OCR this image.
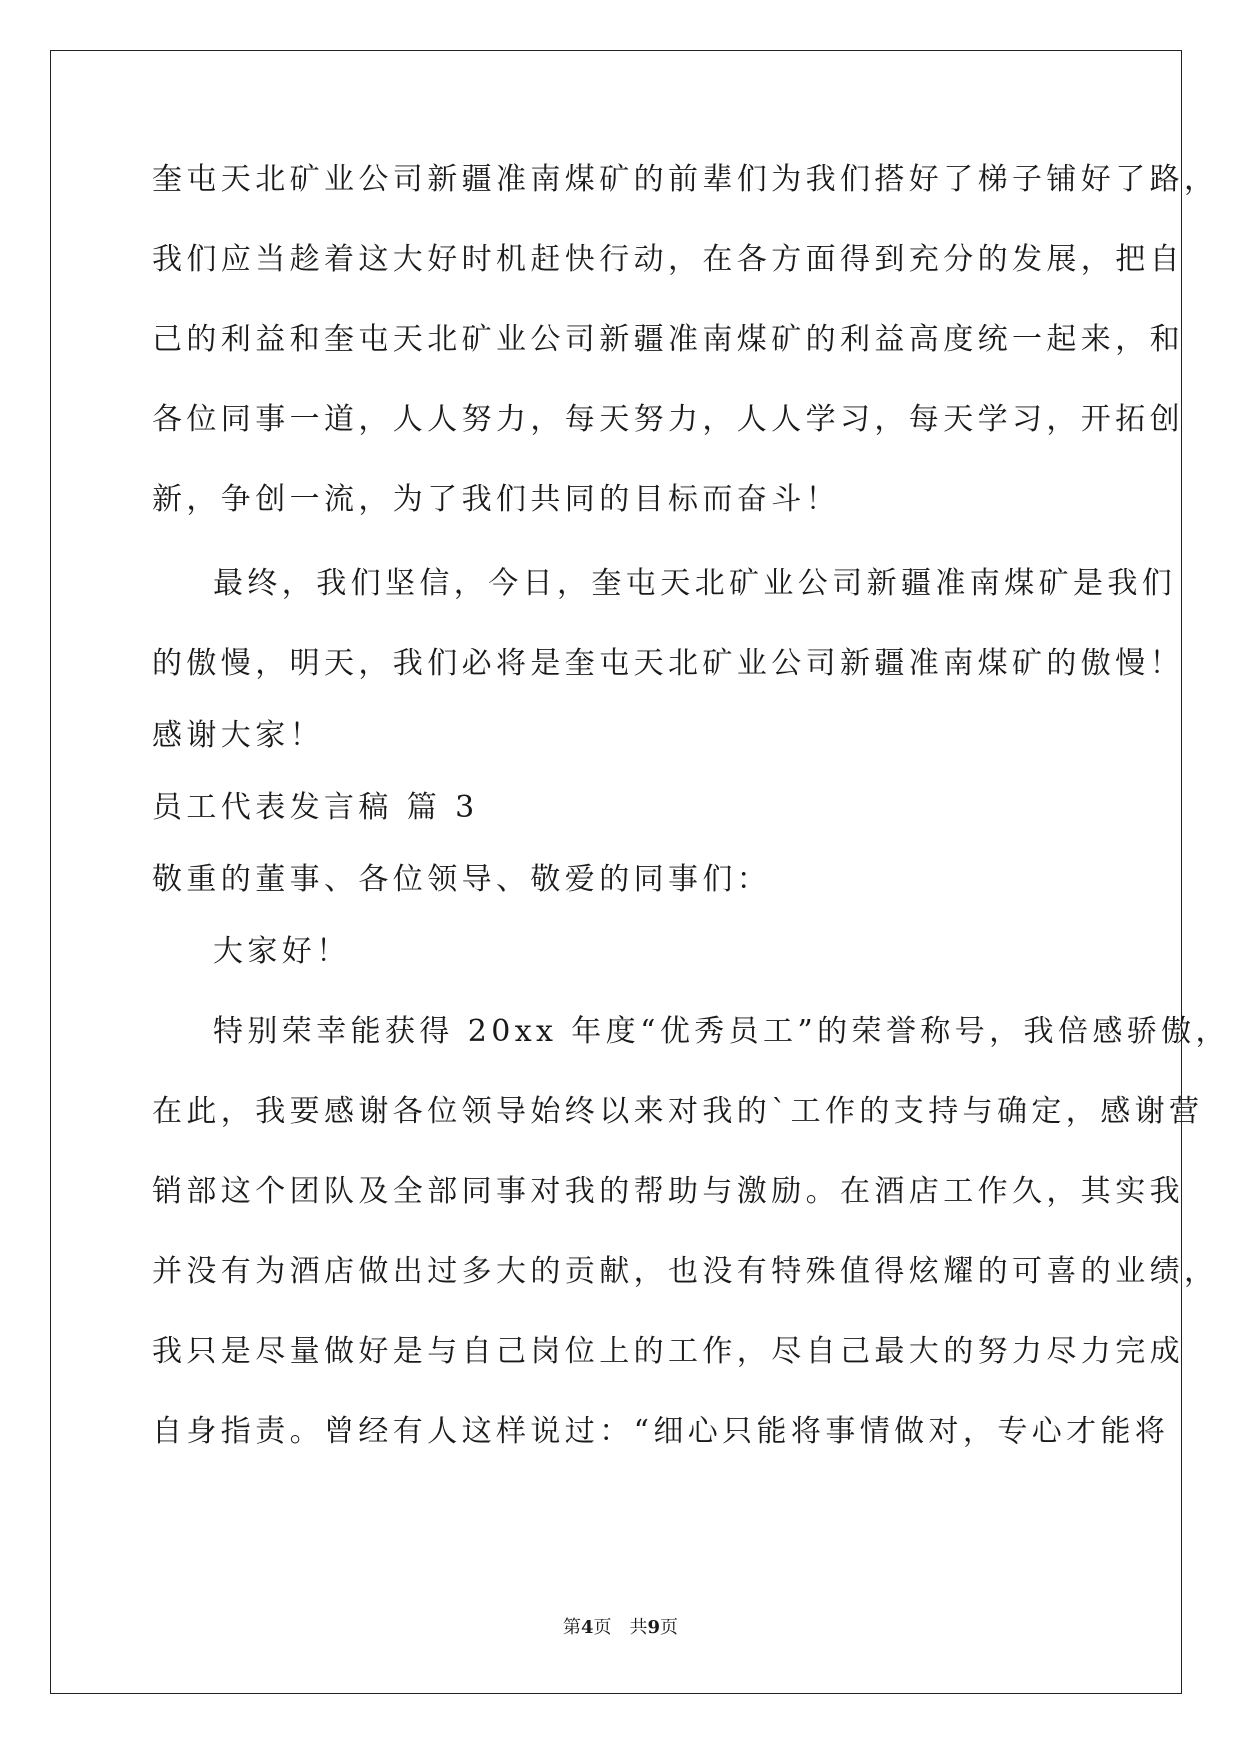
奎屯天北矿业公司新疆准南煤矿的前辈们为我们搭好了梯子铺好了路，
我们应当趁着这大好时机赶快行动，在各方面得到充分的发展，把自
己的利益和奎屯天北矿业公司新疆准南煤矿的利益高度统一起来，和
各位同事一道，人人努力，每天努力，人人学习，每天学习，开拓创
新，争创一流，为了我们共同的目标而奋斗！
最终，我们坚信，今日，奎屯天北矿业公司新疆准南煤矿是我们
的傲慢，明天，我们必将是奎屯天北矿业公司新疆准南煤矿的傲慢！
感谢大家！
员工代表发言稿 篇 3
敬重的董事、各位领导、敬爱的同事们：
大家好！
特别荣幸能获得 20xx 年度“优秀员工”的荣誉称号，我倍感骄傲，
在此，我要感谢各位领导始终以来对我的`工作的支持与确定，感谢营
销部这个团队及全部同事对我的帮助与激励。在酒店工作久，其实我
并没有为酒店做出过多大的贡献，也没有特殊值得炫耀的可喜的业绩，
我只是尽量做好是与自己岗位上的工作，尽自己最大的努力尽力完成
自身指责。曾经有人这样说过：“细心只能将事情做对，专心才能将
第4页 共9页
